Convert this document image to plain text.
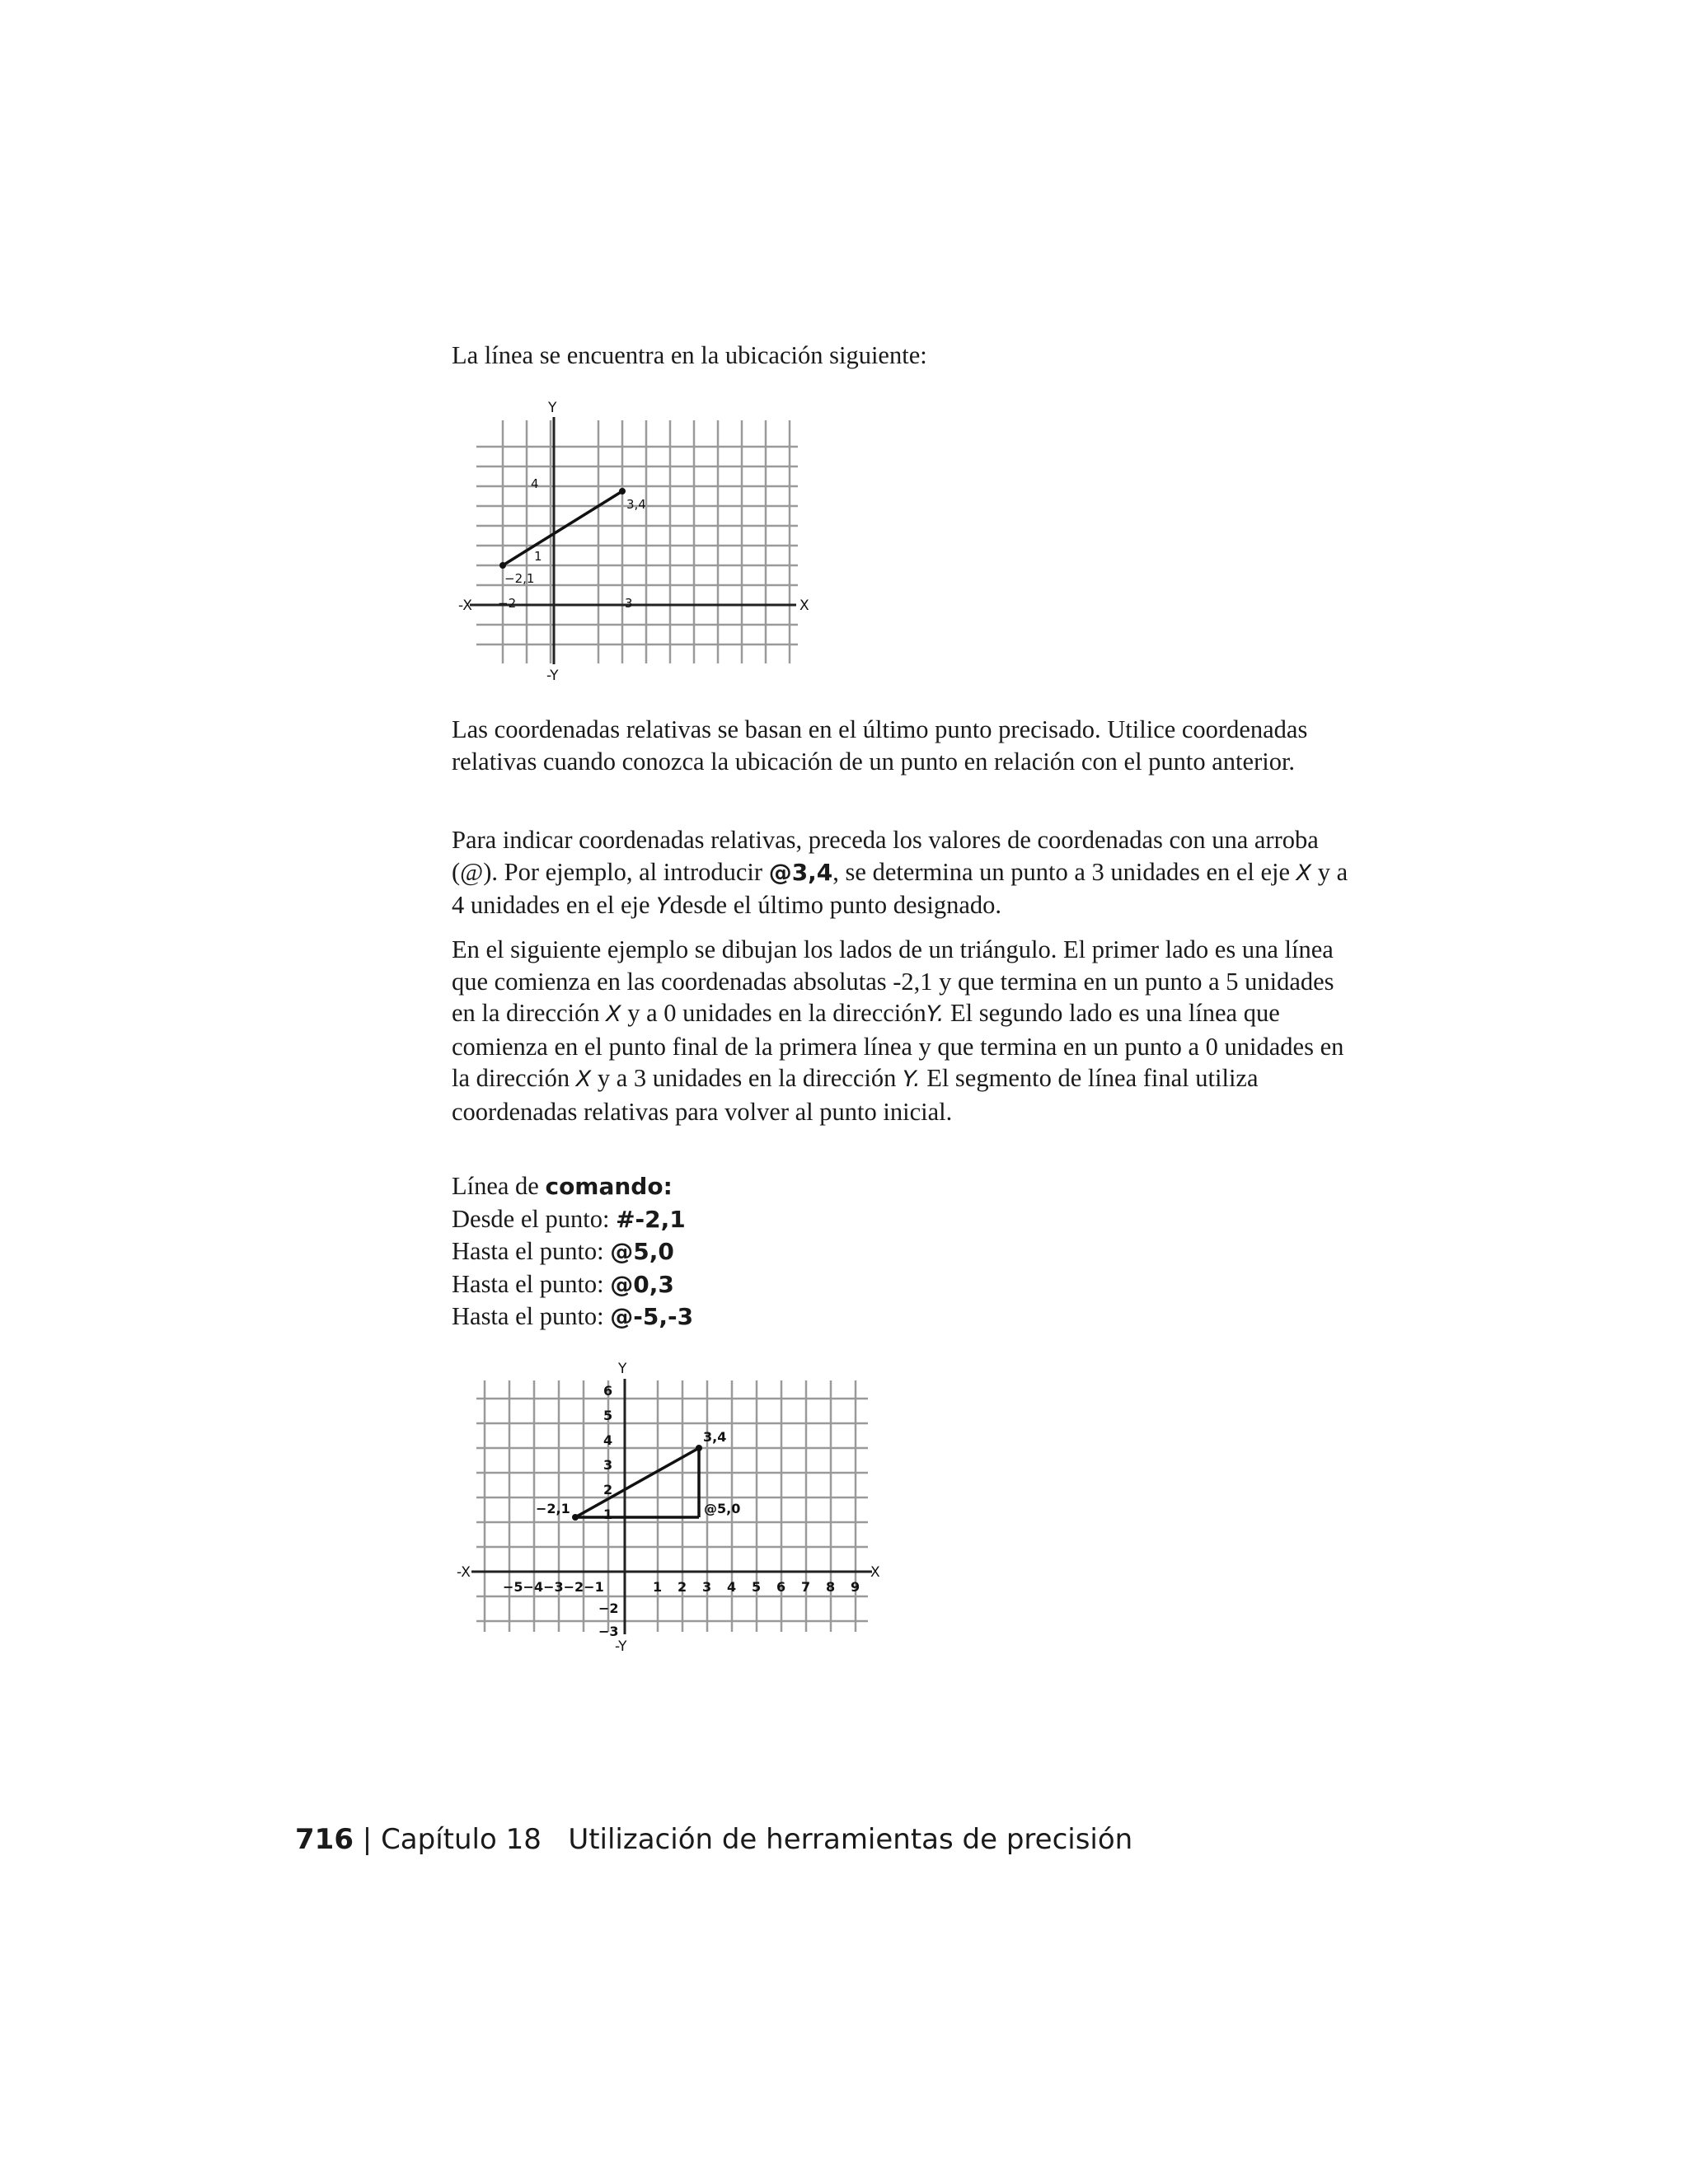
La línea se encuentra en la ubicación siguiente:

Y
-Y
X
-X
4
1
−2,1
−2	3
3,4

Las coordenadas relativas se basan en el último punto precisado. Utilice coordenadas relativas cuando conozca la ubicación de un punto en relación con el punto anterior.

Para indicar coordenadas relativas, preceda los valores de coordenadas con una arroba (@). Por ejemplo, al introducir @3,4, se determina un punto a 3 unidades en el eje X y a 4 unidades en el eje Ydesde el último punto designado.

En el siguiente ejemplo se dibujan los lados de un triángulo. El primer lado es una línea que comienza en las coordenadas absolutas -2,1 y que termina en un punto a 5 unidades en la dirección X y a 0 unidades en la direcciónY. El segundo lado es una línea que comienza en el punto final de la primera línea y que termina en un punto a 0 unidades en la dirección X y a 3 unidades en la dirección Y. El segmento de línea final utiliza coordenadas relativas para volver al punto inicial.

Línea de comando:
Desde el punto: #-2,1
Hasta el punto: @5,0
Hasta el punto: @0,3
Hasta el punto: @-5,-3
Y
-Y
X
-X
−5−4−3−2−1	1 2 3 4 5 6 7 8 9
6
5
4
3
2
1
−2
−3
−2,1	@5,0
3,4
716 | Capítulo 18 Utilización de herramientas de precisión
